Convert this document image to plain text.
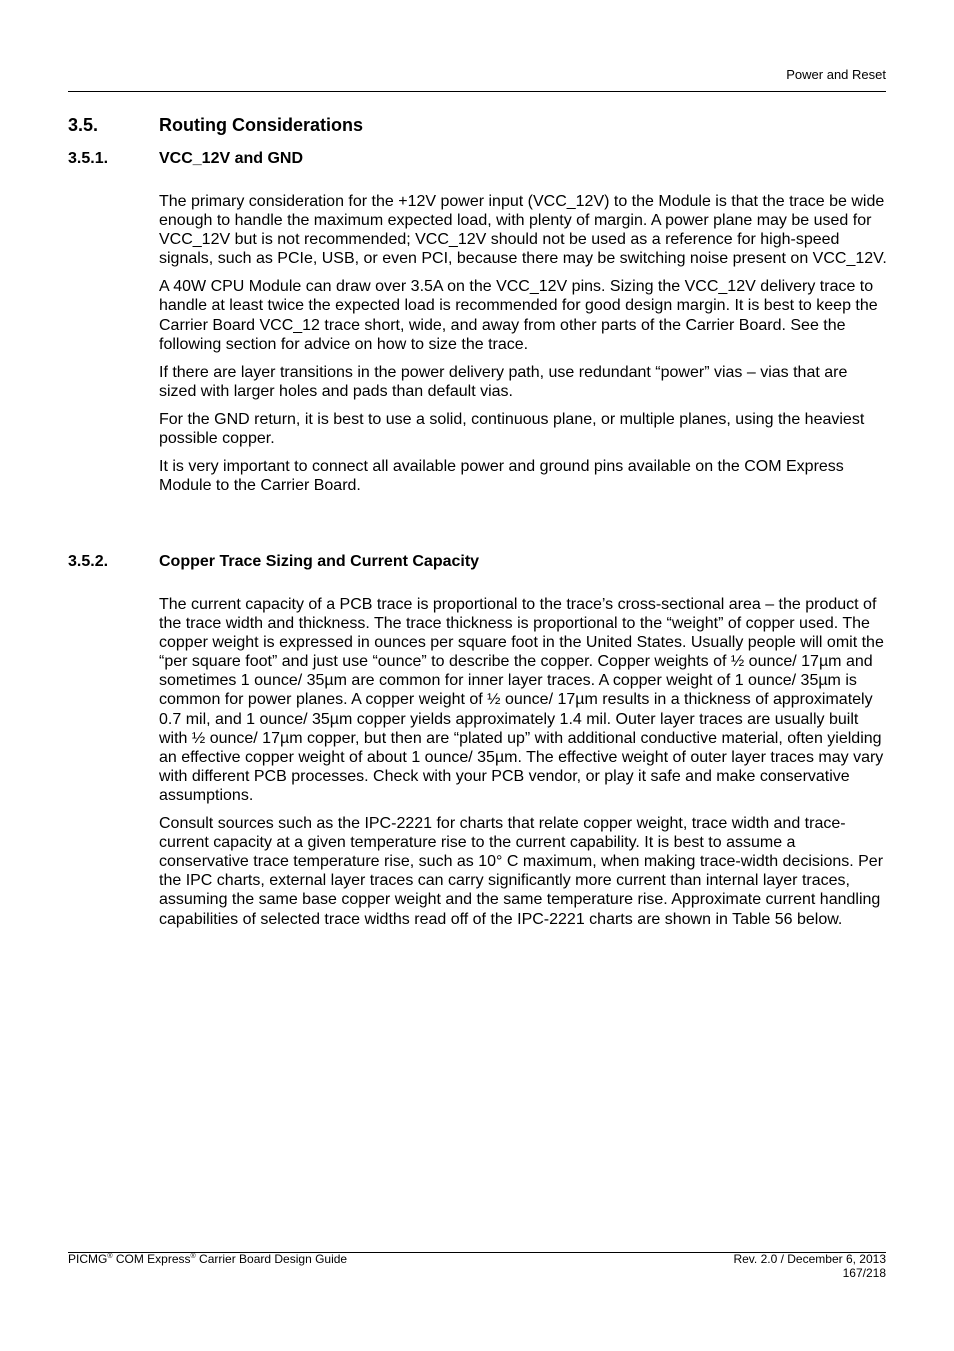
Power and Reset
3.5.	Routing Considerations
3.5.1.	VCC_12V and GND

The primary consideration for the +12V power input (VCC_12V) to the Module is that the trace be wide enough to handle the maximum expected load, with plenty of margin. A power plane may be used for VCC_12V but is not recommended; VCC_12V should not be used as a reference for high-speed signals, such as PCIe, USB, or even PCI, because there may be switching noise present on VCC_12V.

A 40W CPU Module can draw over 3.5A on the VCC_12V pins. Sizing the VCC_12V delivery trace to handle at least twice the expected load is recommended for good design margin. It is best to keep the Carrier Board VCC_12 trace short, wide, and away from other parts of the Carrier Board. See the following section for advice on how to size the trace.

If there are layer transitions in the power delivery path, use redundant “power” vias – vias that are sized with larger holes and pads than default vias.

For the GND return, it is best to use a solid, continuous plane, or multiple planes, using the heaviest possible copper.

It is very important to connect all available power and ground pins available on the COM Express Module to the Carrier Board.

3.5.2.	Copper Trace Sizing and Current Capacity

The current capacity of a PCB trace is proportional to the trace’s cross-sectional area – the product of the trace width and thickness. The trace thickness is proportional to the “weight” of copper used. The copper weight is expressed in ounces per square foot in the United States. Usually people will omit the “per square foot” and just use “ounce” to describe the copper. Copper weights of ½ ounce/ 17µm and sometimes 1 ounce/ 35µm are common for inner layer traces. A copper weight of 1 ounce/ 35µm is common for power planes. A copper weight of ½ ounce/ 17µm results in a thickness of approximately 0.7 mil, and 1 ounce/ 35µm copper yields approximately 1.4 mil. Outer layer traces are usually built with ½ ounce/ 17µm copper, but then are “plated up” with additional conductive material, often yielding an effective copper weight of about 1 ounce/ 35µm. The effective weight of outer layer traces may vary with different PCB processes. Check with your PCB vendor, or play it safe and make conservative assumptions.

Consult sources such as the IPC-2221 for charts that relate copper weight, trace width and trace-current capacity at a given temperature rise to the current capability. It is best to assume a conservative trace temperature rise, such as 10° C maximum, when making trace-width decisions. Per the IPC charts, external layer traces can carry significantly more current than internal layer traces, assuming the same base copper weight and the same temperature rise. Approximate current handling capabilities of selected trace widths read off of the IPC-2221 charts are shown in Table 56 below.

PICMG® COM Express® Carrier Board Design Guide	Rev. 2.0 / December 6, 2013
167/218
